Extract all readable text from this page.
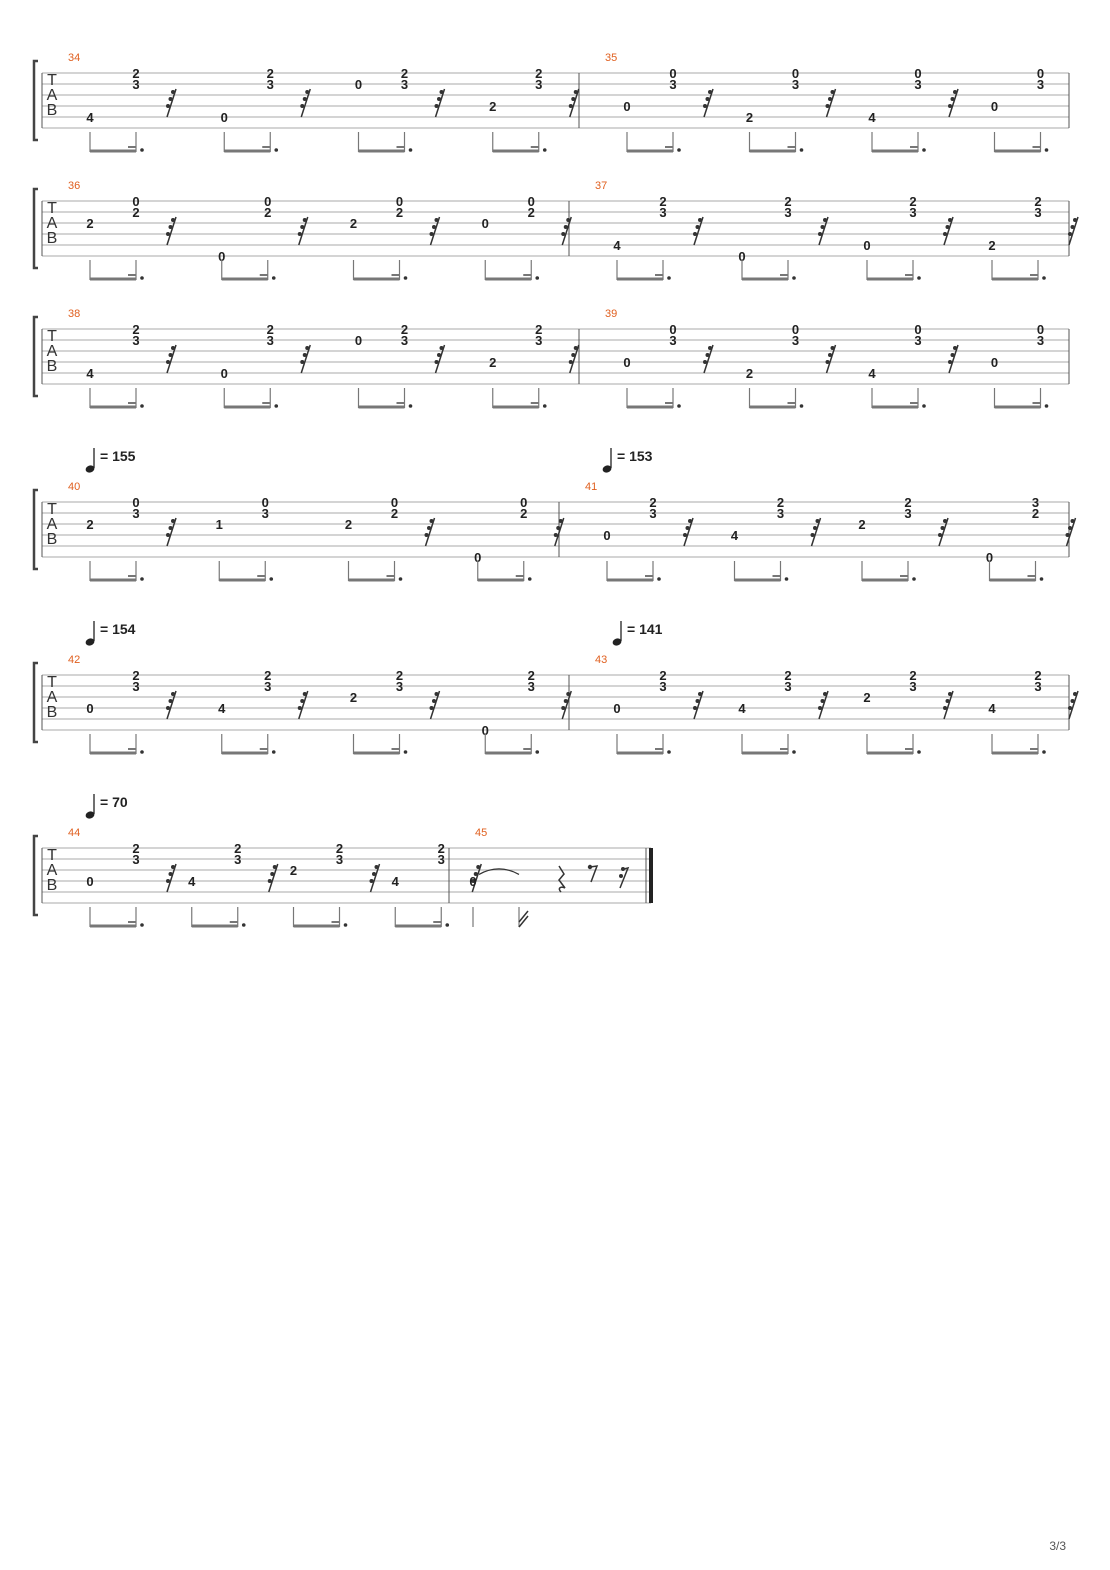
T
A
B
34
4
2
3
0
2
3	0
2
3
2
2
3
35
0
0
3
2
0
3
4
0
3
0
0
3
T
A
B
36
2
0
2
0
0
2
2
0
2
0
0
2
37
4
2
3
0
2
3
0
2
3
2
2
3
T
A
B
38
4
2
3
0
2
3	0
2
3
2
2
3
39
0
0
3
2
0
3
4
0
3
0
0
3
T
A
B
= 155	= 153
40
2
0
3
1
0
3
2
0
2
0
0
2
41
0
2
3
4
2
3
2
2
3
0
3
2
T
A
B
= 154	= 141
42
0
2
3
4
2
3
2
2
3
0
2
3
43
0
2
3
4
2
3
2
2
3
4
2
3
T
A
B
= 70
44
0
2
3
4
2
3
2
2
3
4
2
3
45
0
3/3
